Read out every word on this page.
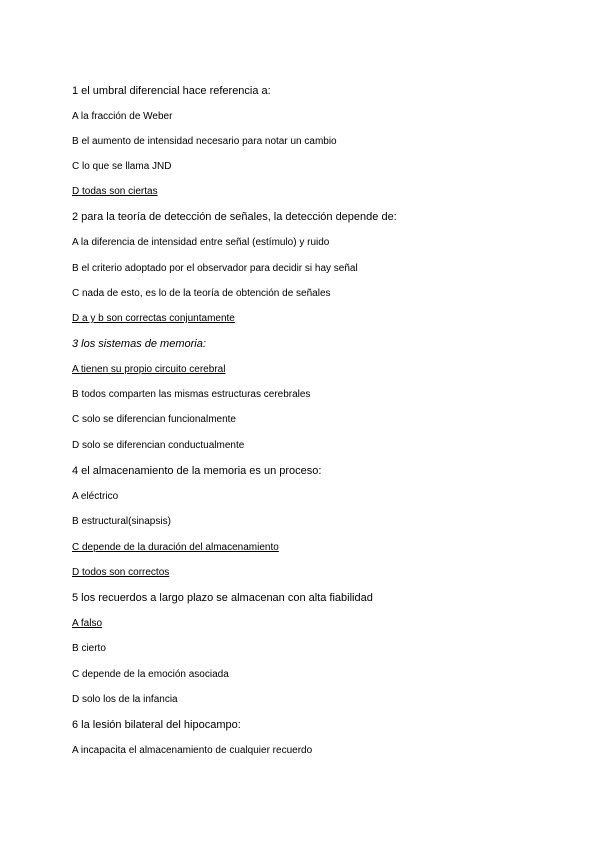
1 el umbral diferencial hace referencia a:

A la fracción de Weber

B el aumento de intensidad necesario para notar un cambio

C lo que se llama JND

D todas son ciertas

2 para la teoría de detección de señales, la detección depende de:

A la diferencia de intensidad entre señal (estímulo) y ruido

B el criterio adoptado por el observador para decidir si hay señal

C nada de esto, es lo de la teoría de obtención de señales

D a y b son correctas conjuntamente

3 los sistemas de memoria:

A tienen su propio circuito cerebral

B todos comparten las mismas estructuras cerebrales

C solo se diferencian funcionalmente

D solo se diferencian conductualmente

4 el almacenamiento de la memoria es un proceso:

A eléctrico

B estructural(sinapsis)

C depende de la duración del almacenamiento

D todos son correctos

5 los recuerdos a largo plazo se almacenan con alta fiabilidad

A falso

B cierto

C depende de la emoción asociada

D solo los de la infancia

6 la lesión bilateral del hipocampo:

A incapacita el almacenamiento de cualquier recuerdo
